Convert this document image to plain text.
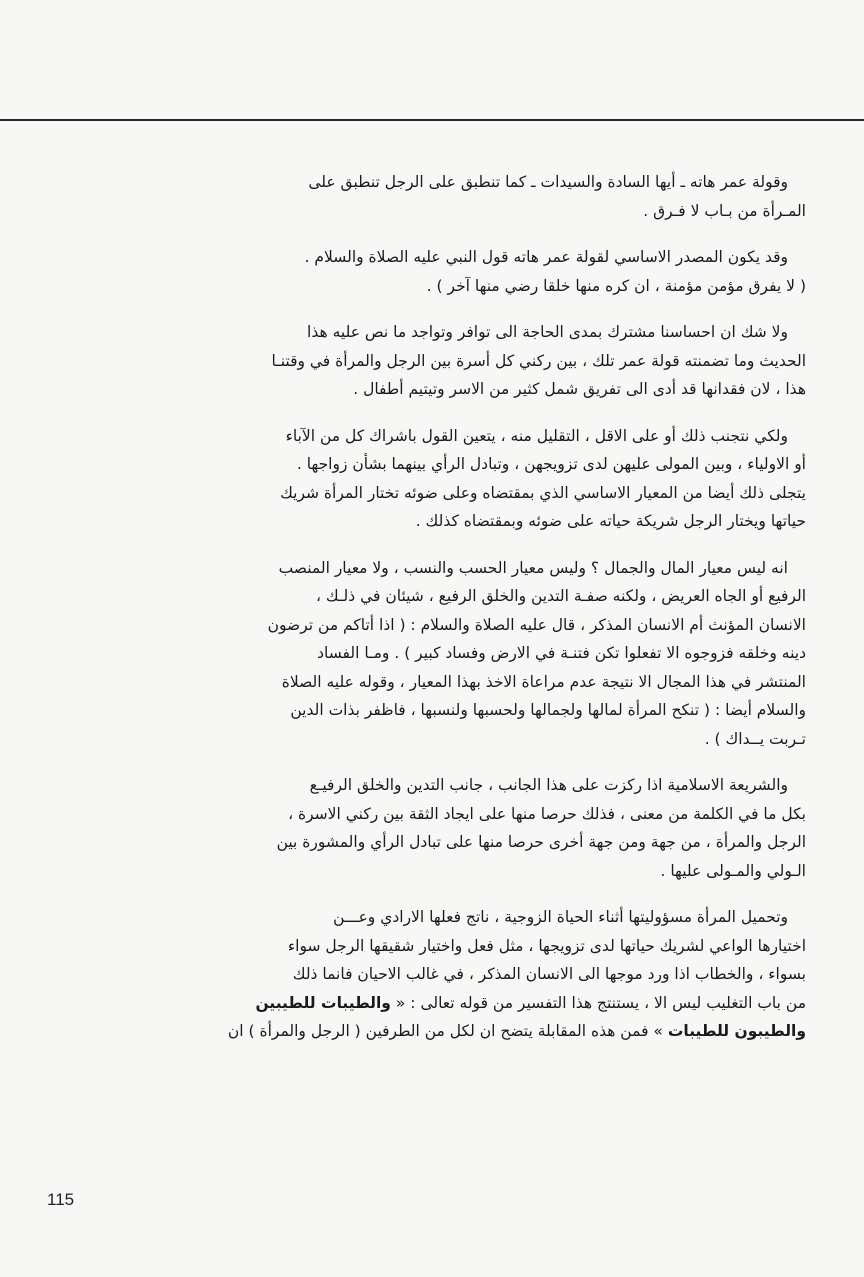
وقولة عمر هاته ـ أيها السادة والسيدات ـ كما تنطبق على الرجل تنطبق على
المـرأة من بـاب لا فـرق .
وقد يكون المصدر الاساسي لقولة عمر هاته قول النبي عليه الصلاة والسلام .
( لا يفرق مؤمن مؤمنة ، ان كره منها خلقا رضي منها آخر ) .
ولا شك ان احساسنا مشترك بمدى الحاجة الى توافر وتواجد ما نص عليه هذا
الحديث وما تضمنته قولة عمر تلك ، بين ركني كل أسرة بين الرجل والمرأة في وقتنـا
هذا ، لان فقدانها قد أدى الى تفريق شمل كثير من الاسر وتيتيم أطفال .
ولكي نتجنب ذلك أو على الاقل ، التقليل منه ، يتعين القول باشراك كل من الآباء
أو الاولياء ، وبين المولى عليهن لدى تزويجهن ، وتبادل الرأي بينهما بشأن زواجها .
يتجلى ذلك أيضا من المعيار الاساسي الذي بمقتضاه وعلى ضوئه تختار المرأة شريك
حياتها ويختار الرجل شريكة حياته على ضوئه وبمقتضاه كذلك .
انه ليس معيار المال والجمال ؟ وليس معيار الحسب والنسب ، ولا معيار المنصب
الرفيع أو الجاه العريض ، ولكنه صفـة التدين والخلق الرفيع ، شيئان في ذلـك ،
الانسان المؤنث أم الانسان المذكر ، قال عليه الصلاة والسلام : ( اذا أتاكم من ترضون
دينه وخلقه فزوجوه الا تفعلوا تكن فتنـة في الارض وفساد كبير ) . ومـا الفساد
المنتشر في هذا المجال الا نتيجة عدم مراعاة الاخذ بهذا المعيار ، وقوله عليه الصلاة
والسلام أيضا : ( تنكح المرأة لمالها ولجمالها ولحسبها ولنسبها ، فاظفر بذات الدين
تـربت يــداك ) .
والشريعة الاسلامية اذا ركزت على هذا الجانب ، جانب التدين والخلق الرفيـع
بكل ما في الكلمة من معنى ، فذلك حرصا منها على ايجاد الثقة بين ركني الاسرة ،
الرجل والمرأة ، من جهة ومن جهة أخرى حرصا منها على تبادل الرأي والمشورة بين
الـولي والمـولى عليها .
وتحميل المرأة مسؤوليتها أثناء الحياة الزوجية ، ناتج فعلها الارادي وعـــن
اختيارها الواعي لشريك حياتها لدى تزويجها ، مثل فعل واختيار شقيقها الرجل سواء
بسواء ، والخطاب اذا ورد موجها الى الانسان المذكر ، في غالب الاحيان فانما ذلك
من باب التغليب ليس الا ، يستنتج هذا التفسير من قوله تعالى : « والطيبات للطيبين
والطيبون للطيبات » فمن هذه المقابلة يتضح ان لكل من الطرفين ( الرجل والمرأة ) ان
115
